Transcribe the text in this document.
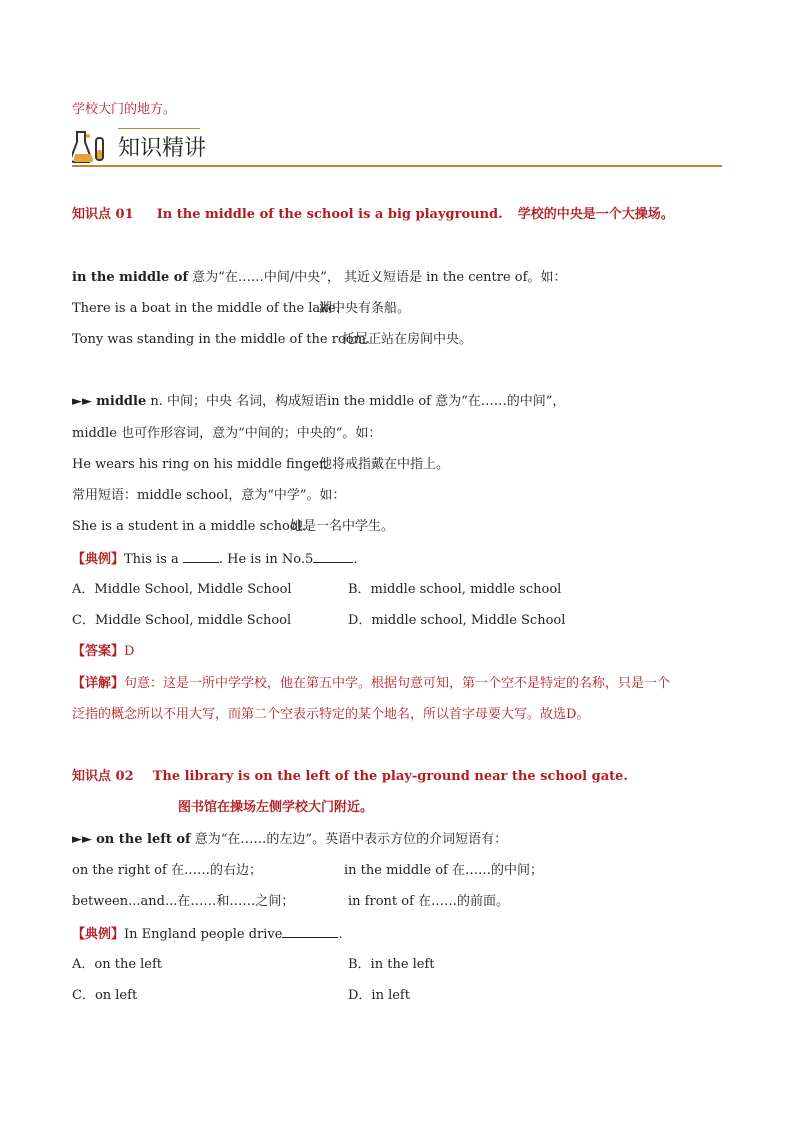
学校大门的地方。
知识精讲
知识点 01 In the middle of the school is a big playground. 学校的中央是一个大操场。
in the middle of 意为“在……中间/中央”， 其近义短语是 in the centre of。如：
There is a boat in the middle of the lake.
湖中央有条船。
Tony was standing in the middle of the room.
托尼正站在房间中央。
►► middle n. 中间；中央 名词，构成短语in the middle of 意为“在……的中间”，
middle 也可作形容词，意为“中间的；中央的”。如：
He wears his ring on his middle finger.
他将戒指戴在中指上。
常用短语：middle school，意为“中学”。如：
She is a student in a middle school.
她是一名中学生。
【典例】This is a	. He is in No.5	.
A．Middle School, Middle School	B．middle school, middle school
C．Middle School, middle School	D．middle school, Middle School
【答案】D
【详解】句意：这是一所中学学校，他在第五中学。根据句意可知，第一个空不是特定的名称，只是一个
泛指的概念所以不用大写，而第二个空表示特定的某个地名，所以首字母要大写。故选D。
知识点 02 The library is on the left of the play-ground near the school gate.
图书馆在操场左侧学校大门附近。
►► on the left of 意为“在……的左边”。英语中表示方位的介词短语有：
on the right of 在……的右边；	in the middle of 在……的中间；
between...and...在……和……之间；	in front of 在……的前面。
【典例】In England people drive	.
A．on the left	B．in the left
C．on left	D．in left
